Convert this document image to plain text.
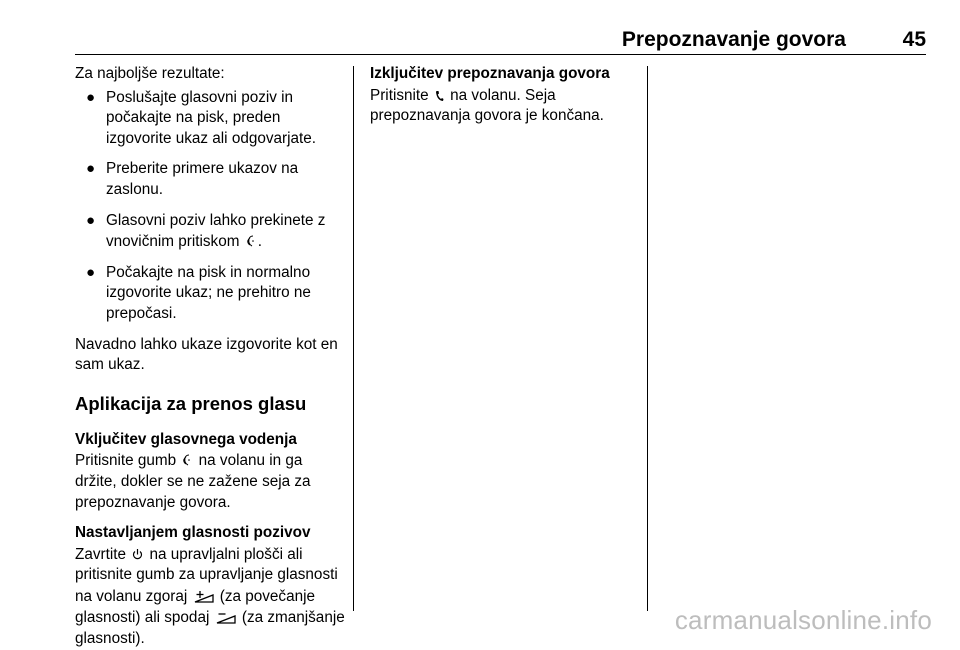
Prepoznavanje govora	45

Za najboljše rezultate:

● Poslušajte glasovni poziv in počakajte na pisk, preden izgovorite ukaz ali odgovarjate.
● Preberite primere ukazov na zaslonu.
● Glasovni poziv lahko prekinete z vnovičnim pritiskom .
● Počakajte na pisk in normalno izgovorite ukaz; ne prehitro ne prepočasi.

Navadno lahko ukaze izgovorite kot en sam ukaz.

Aplikacija za prenos glasu

Vključitev glasovnega vodenja

Pritisnite gumb na volanu in ga držite, dokler se ne zažene seja za prepoznavanje govora.

Nastavljanjem glasnosti pozivov

Zavrtite na upravljalni plošči ali pritisnite gumb za upravljanje glasnosti na volanu zgoraj (za povečanje glasnosti) ali spodaj (za zmanjšanje glasnosti).

Izključitev prepoznavanja govora

Pritisnite na volanu. Seja prepoznavanja govora je končana.

carmanualsonline.info
